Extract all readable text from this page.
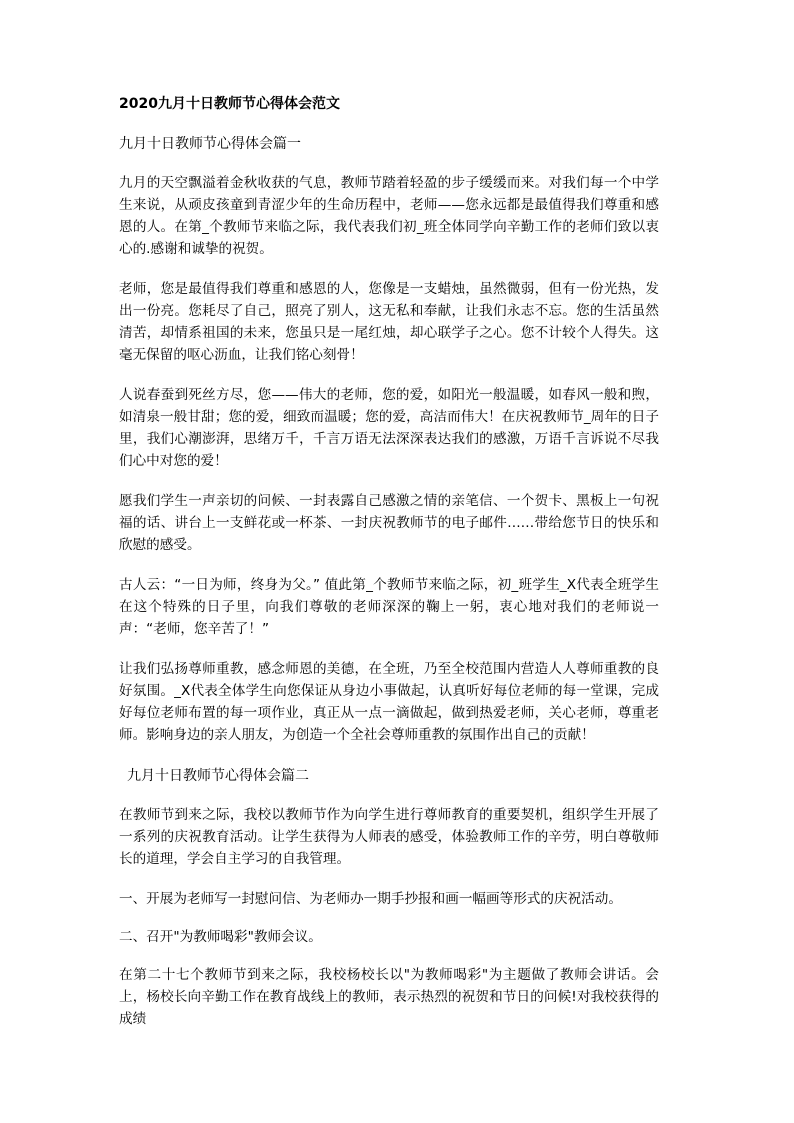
2020九月十日教师节心得体会范文
九月十日教师节心得体会篇一

九月的天空飘溢着金秋收获的气息，教师节踏着轻盈的步子缓缓而来。对我们每一个中学生来说，从顽皮孩童到青涩少年的生命历程中，老师——您永远都是最值得我们尊重和感恩的人。在第_个教师节来临之际，我代表我们初_班全体同学向辛勤工作的老师们致以衷心的.感谢和诚挚的祝贺。

老师，您是最值得我们尊重和感恩的人，您像是一支蜡烛，虽然微弱，但有一份光热，发出一份亮。您耗尽了自己，照亮了别人，这无私和奉献，让我们永志不忘。您的生活虽然清苦，却情系祖国的未来，您虽只是一尾红烛，却心联学子之心。您不计较个人得失。这毫无保留的呕心沥血，让我们铭心刻骨！

人说春蚕到死丝方尽，您——伟大的老师，您的爱，如阳光一般温暖，如春风一般和煦，如清泉一般甘甜；您的爱，细致而温暖；您的爱，高洁而伟大！在庆祝教师节_周年的日子里，我们心潮澎湃，思绪万千，千言万语无法深深表达我们的感激，万语千言诉说不尽我们心中对您的爱！

愿我们学生一声亲切的问候、一封表露自己感激之情的亲笔信、一个贺卡、黑板上一句祝福的话、讲台上一支鲜花或一杯茶、一封庆祝教师节的电子邮件……带给您节日的快乐和欣慰的感受。

古人云：“一日为师，终身为父。” 值此第_个教师节来临之际，初_班学生_X代表全班学生在这个特殊的日子里，向我们尊敬的老师深深的鞠上一躬，衷心地对我们的老师说一声：“老师，您辛苦了！”

让我们弘扬尊师重教，感念师恩的美德，在全班，乃至全校范围内营造人人尊师重教的良好氛围。_X代表全体学生向您保证从身边小事做起，认真听好每位老师的每一堂课，完成好每位老师布置的每一项作业，真正从一点一滴做起，做到热爱老师，关心老师，尊重老师。影响身边的亲人朋友，为创造一个全社会尊师重教的氛围作出自己的贡献！

九月十日教师节心得体会篇二

在教师节到来之际，我校以教师节作为向学生进行尊师教育的重要契机，组织学生开展了一系列的庆祝教育活动。让学生获得为人师表的感受，体验教师工作的辛劳，明白尊敬师长的道理，学会自主学习的自我管理。

一、开展为老师写一封慰问信、为老师办一期手抄报和画一幅画等形式的庆祝活动。

二、召开"为教师喝彩"教师会议。

在第二十七个教师节到来之际，我校杨校长以"为教师喝彩"为主题做了教师会讲话。会上，杨校长向辛勤工作在教育战线上的教师，表示热烈的祝贺和节日的问候!对我校获得的成绩
